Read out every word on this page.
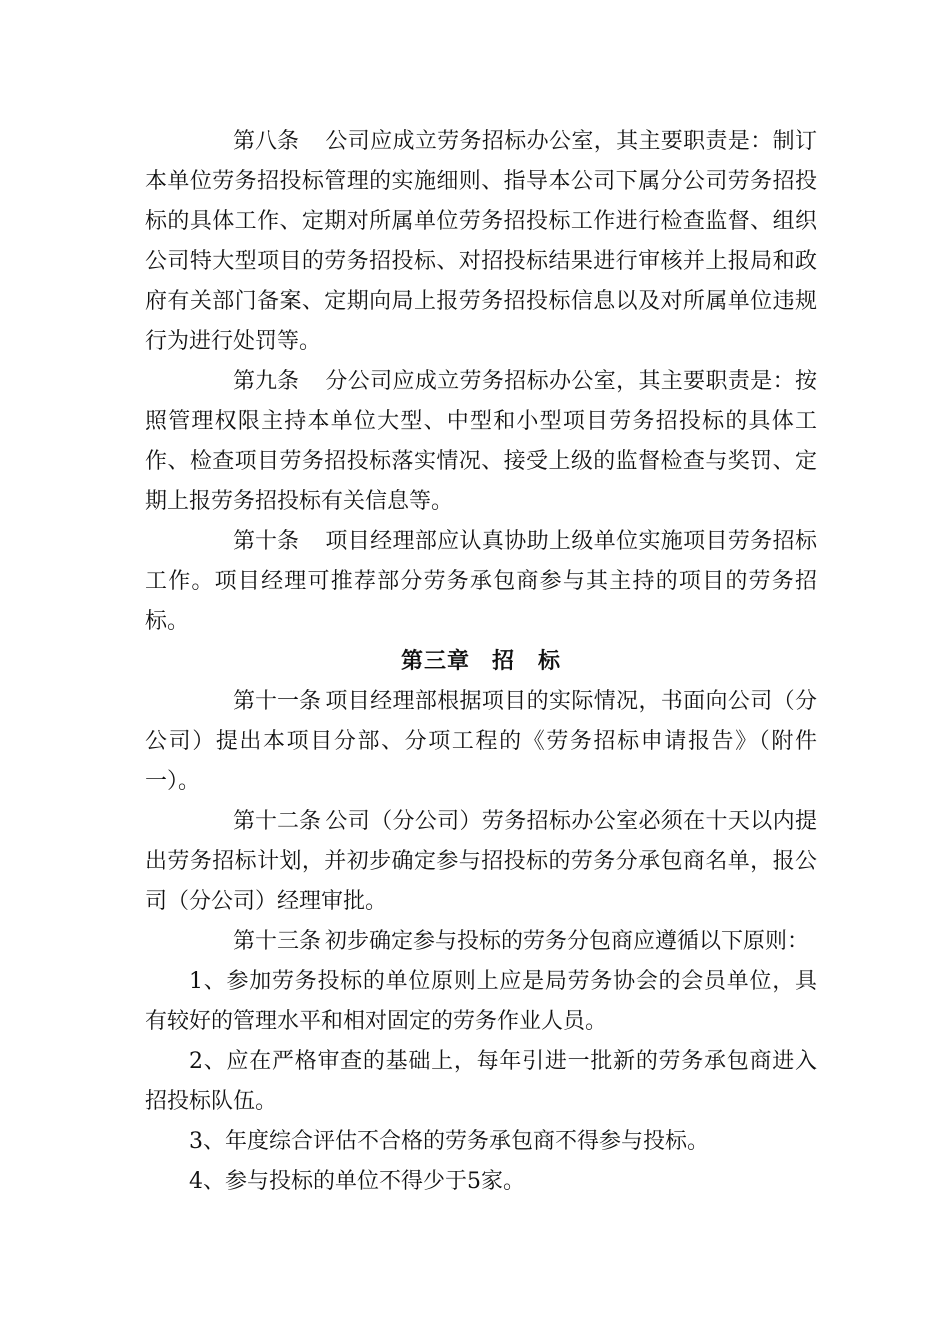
第八条 公司应成立劳务招标办公室，其主要职责是：制订本单位劳务招投标管理的实施细则、指导本公司下属分公司劳务招投标的具体工作、定期对所属单位劳务招投标工作进行检查监督、组织公司特大型项目的劳务招投标、对招投标结果进行审核并上报局和政府有关部门备案、定期向局上报劳务招投标信息以及对所属单位违规行为进行处罚等。

第九条 分公司应成立劳务招标办公室，其主要职责是：按照管理权限主持本单位大型、中型和小型项目劳务招投标的具体工作、检查项目劳务招投标落实情况、接受上级的监督检查与奖罚、定期上报劳务招投标有关信息等。

第十条 项目经理部应认真协助上级单位实施项目劳务招标工作。项目经理可推荐部分劳务承包商参与其主持的项目的劳务招标。

第三章 招　标

第十一条 项目经理部根据项目的实际情况，书面向公司（分公司）提出本项目分部、分项工程的《劳务招标申请报告》（附件一）。

第十二条 公司（分公司）劳务招标办公室必须在十天以内提出劳务招标计划，并初步确定参与招投标的劳务分承包商名单，报公司（分公司）经理审批。

第十三条 初步确定参与投标的劳务分包商应遵循以下原则：

1、参加劳务投标的单位原则上应是局劳务协会的会员单位，具有较好的管理水平和相对固定的劳务作业人员。

2、应在严格审查的基础上，每年引进一批新的劳务承包商进入招投标队伍。

3、年度综合评估不合格的劳务承包商不得参与投标。

4、参与投标的单位不得少于5家。
